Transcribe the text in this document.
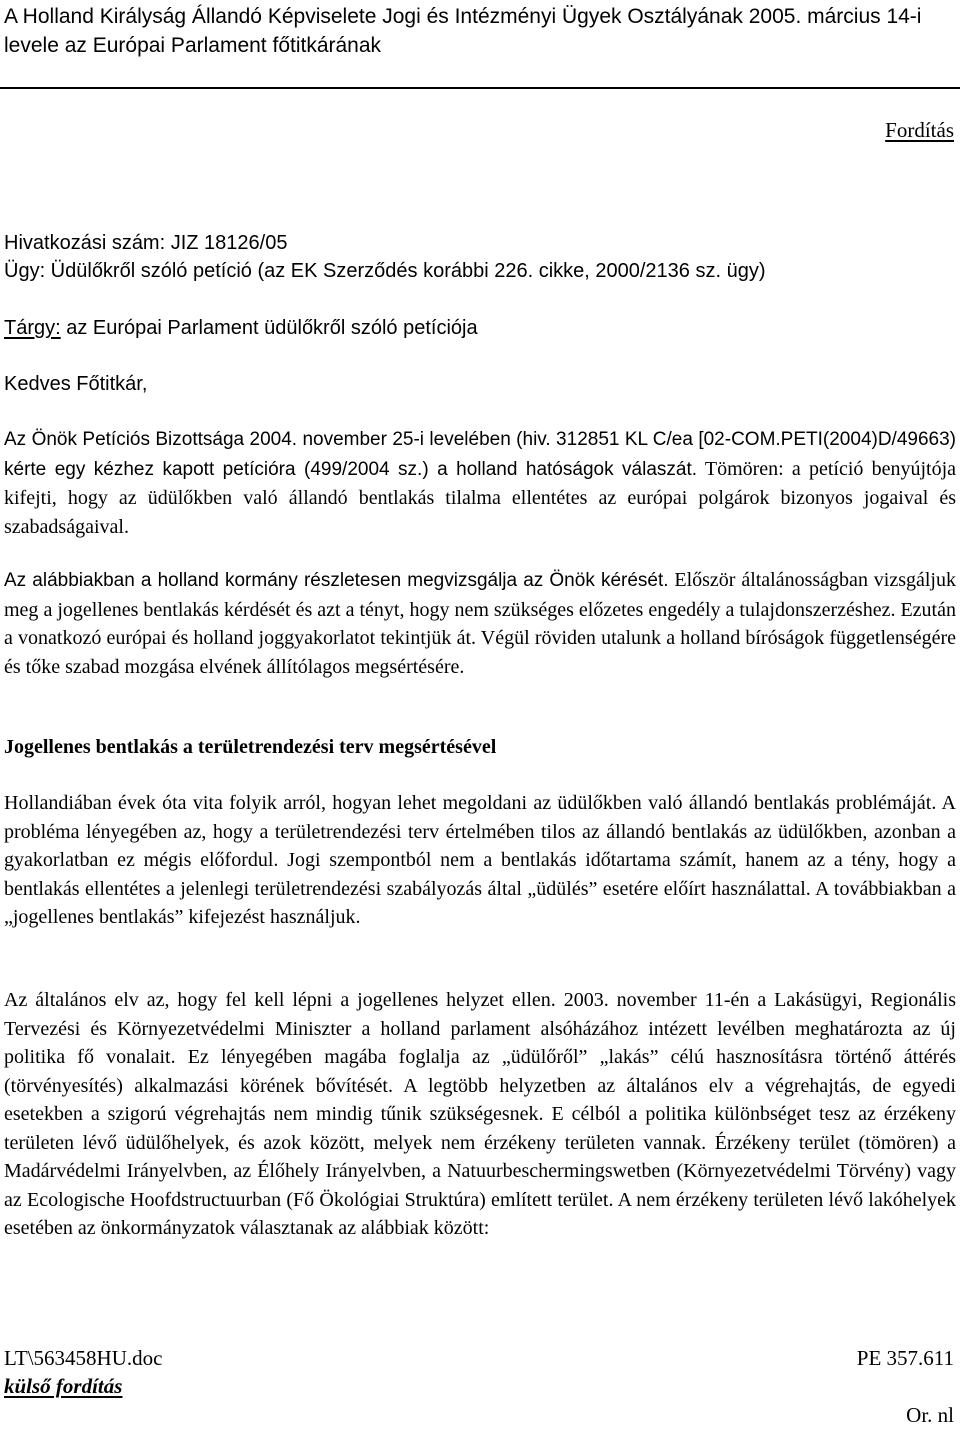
A Holland Királyság Állandó Képviselete Jogi és Intézményi Ügyek Osztályának 2005. március 14-i levele az Európai Parlament főtitkárának
Fordítás
Hivatkozási szám: JIZ 18126/05
Ügy: Üdülőkről szóló petíció (az EK Szerződés korábbi 226. cikke, 2000/2136 sz. ügy)
Tárgy: az Európai Parlament üdülőkről szóló petíciója
Kedves Főtitkár,
Az Önök Petíciós Bizottsága 2004. november 25-i levelében (hiv. 312851 KL C/ea [02-COM.PETI(2004)D/49663) kérte egy kézhez kapott petícióra (499/2004 sz.) a holland hatóságok válaszát. Tömören: a petíció benyújtója kifejti, hogy az üdülőkben való állandó bentlakás tilalma ellentétes az európai polgárok bizonyos jogaival és szabadságaival.
Az alábbiakban a holland kormány részletesen megvizsgálja az Önök kérését. Először általánosságban vizsgáljuk meg a jogellenes bentlakás kérdését és azt a tényt, hogy nem szükséges előzetes engedély a tulajdonszerzéshez. Ezután a vonatkozó európai és holland joggyakorlatot tekintjük át. Végül röviden utalunk a holland bíróságok függetlenségére és tőke szabad mozgása elvének állítólagos megsértésére.
Jogellenes bentlakás a területrendezési terv megsértésével
Hollandiában évek óta vita folyik arról, hogyan lehet megoldani az üdülőkben való állandó bentlakás problémáját. A probléma lényegében az, hogy a területrendezési terv értelmében tilos az állandó bentlakás az üdülőkben, azonban a gyakorlatban ez mégis előfordul. Jogi szempontból nem a bentlakás időtartama számít, hanem az a tény, hogy a bentlakás ellentétes a jelenlegi területrendezési szabályozás által „üdülés” esetére előírt használattal. A továbbiakban a „jogellenes bentlakás” kifejezést használjuk.
Az általános elv az, hogy fel kell lépni a jogellenes helyzet ellen. 2003. november 11-én a Lakásügyi, Regionális Tervezési és Környezetvédelmi Miniszter a holland parlament alsóházához intézett levélben meghatározta az új politika fő vonalait. Ez lényegében magába foglalja az „üdülőről” „lakás” célú hasznosításra történő áttérés (törvényesítés) alkalmazási körének bővítését. A legtöbb helyzetben az általános elv a végrehajtás, de egyedi esetekben a szigorú végrehajtás nem mindig tűnik szükségesnek. E célból a politika különbséget tesz az érzékeny területen lévő üdülőhelyek, és azok között, melyek nem érzékeny területen vannak. Érzékeny terület (tömören) a Madárvédelmi Irányelvben, az Élőhely Irányelvben, a Natuurbeschermingswetben (Környezetvédelmi Törvény) vagy az Ecologische Hoofdstructuurban (Fő Ökológiai Struktúra) említett terület. A nem érzékeny területen lévő lakóhelyek esetében az önkormányzatok választanak az alábbiak között:
LT\563458HU.doc
külső fordítás
PE 357.611
Or. nl
